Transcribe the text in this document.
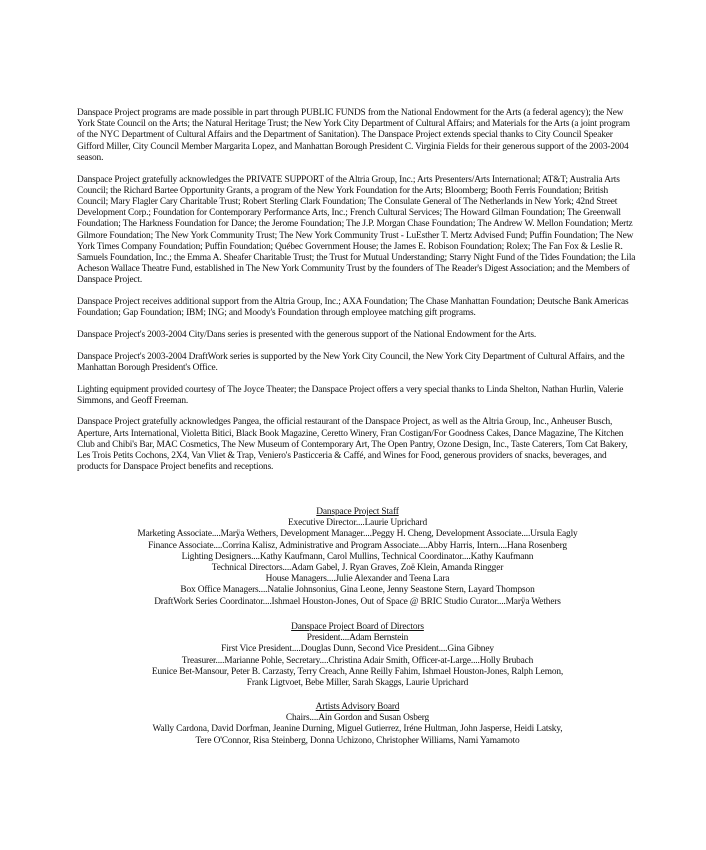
Danspace Project programs are made possible in part through PUBLIC FUNDS from the National Endowment for the Arts (a federal agency); the New York State Council on the Arts; the Natural Heritage Trust; the New York City Department of Cultural Affairs; and Materials for the Arts (a joint program of the NYC Department of Cultural Affairs and the Department of Sanitation). The Danspace Project extends special thanks to City Council Speaker Gifford Miller, City Council Member Margarita Lopez, and Manhattan Borough President C. Virginia Fields for their generous support of the 2003-2004 season.

Danspace Project gratefully acknowledges the PRIVATE SUPPORT of the Altria Group, Inc.; Arts Presenters/Arts International; AT&T; Australia Arts Council; the Richard Bartee Opportunity Grants, a program of the New York Foundation for the Arts; Bloomberg; Booth Ferris Foundation; British Council; Mary Flagler Cary Charitable Trust; Robert Sterling Clark Foundation; The Consulate General of The Netherlands in New York; 42nd Street Development Corp.; Foundation for Contemporary Performance Arts, Inc.; French Cultural Services; The Howard Gilman Foundation; The Greenwall Foundation; The Harkness Foundation for Dance; the Jerome Foundation; The J.P. Morgan Chase Foundation; The Andrew W. Mellon Foundation; Mertz Gilmore Foundation; The New York Community Trust; The New York Community Trust - LuEsther T. Mertz Advised Fund; Puffin Foundation; The New York Times Company Foundation; Puffin Foundation; Québec Government House; the James E. Robison Foundation; Rolex; The Fan Fox & Leslie R. Samuels Foundation, Inc.; the Emma A. Sheafer Charitable Trust; the Trust for Mutual Understanding; Starry Night Fund of the Tides Foundation; the Lila Acheson Wallace Theatre Fund, established in The New York Community Trust by the founders of The Reader's Digest Association; and the Members of Danspace Project.

Danspace Project receives additional support from the Altria Group, Inc.; AXA Foundation; The Chase Manhattan Foundation; Deutsche Bank Americas Foundation; Gap Foundation; IBM; ING; and Moody's Foundation through employee matching gift programs.

Danspace Project's 2003-2004 City/Dans series is presented with the generous support of the National Endowment for the Arts.

Danspace Project's 2003-2004 DraftWork series is supported by the New York City Council, the New York City Department of Cultural Affairs, and the Manhattan Borough President's Office.

Lighting equipment provided courtesy of The Joyce Theater; the Danspace Project offers a very special thanks to Linda Shelton, Nathan Hurlin, Valerie Simmons, and Geoff Freeman.

Danspace Project gratefully acknowledges Pangea, the official restaurant of the Danspace Project, as well as the Altria Group, Inc., Anheuser Busch, Aperture, Arts International, Violetta Bitici, Black Book Magazine, Ceretto Winery, Fran Costigan/For Goodness Cakes, Dance Magazine, The Kitchen Club and Chibi's Bar, MAC Cosmetics, The New Museum of Contemporary Art, The Open Pantry, Ozone Design, Inc., Taste Caterers, Tom Cat Bakery, Les Trois Petits Cochons, 2X4, Van Vliet & Trap, Veniero's Pasticceria & Caffé, and Wines for Food, generous providers of snacks, beverages, and products for Danspace Project benefits and receptions.

Danspace Project Staff
Executive Director....Laurie Uprichard
Marketing Associate....Marÿa Wethers, Development Manager....Peggy H. Cheng, Development Associate....Ursula Eagly
Finance Associate....Corrina Kalisz, Administrative and Program Associate....Abby Harris, Intern....Hana Rosenberg
Lighting Designers....Kathy Kaufmann, Carol Mullins, Technical Coordinator....Kathy Kaufmann
Technical Directors....Adam Gabel, J. Ryan Graves, Zoë Klein, Amanda Ringger
House Managers....Julie Alexander and Teena Lara
Box Office Managers....Natalie Johnsonius, Gina Leone, Jenny Seastone Stern, Layard Thompson
DraftWork Series Coordinator....Ishmael Houston-Jones, Out of Space @ BRIC Studio Curator....Marÿa Wethers
Danspace Project Board of Directors
President....Adam Bernstein
First Vice President....Douglas Dunn, Second Vice President....Gina Gibney
Treasurer....Marianne Pohle, Secretary....Christina Adair Smith, Officer-at-Large....Holly Brubach
Eunice Bet-Mansour, Peter B. Carzasty, Terry Creach, Anne Reilly Fahim, Ishmael Houston-Jones, Ralph Lemon,
Frank Ligtvoet, Bebe Miller, Sarah Skaggs, Laurie Uprichard
Artists Advisory Board
Chairs....Ain Gordon and Susan Osberg
Wally Cardona, David Dorfman, Jeanine Durning, Miguel Gutierrez, Iréne Hultman, John Jasperse, Heidi Latsky,
Tere O'Connor, Risa Steinberg, Donna Uchizono, Christopher Williams, Nami Yamamoto
